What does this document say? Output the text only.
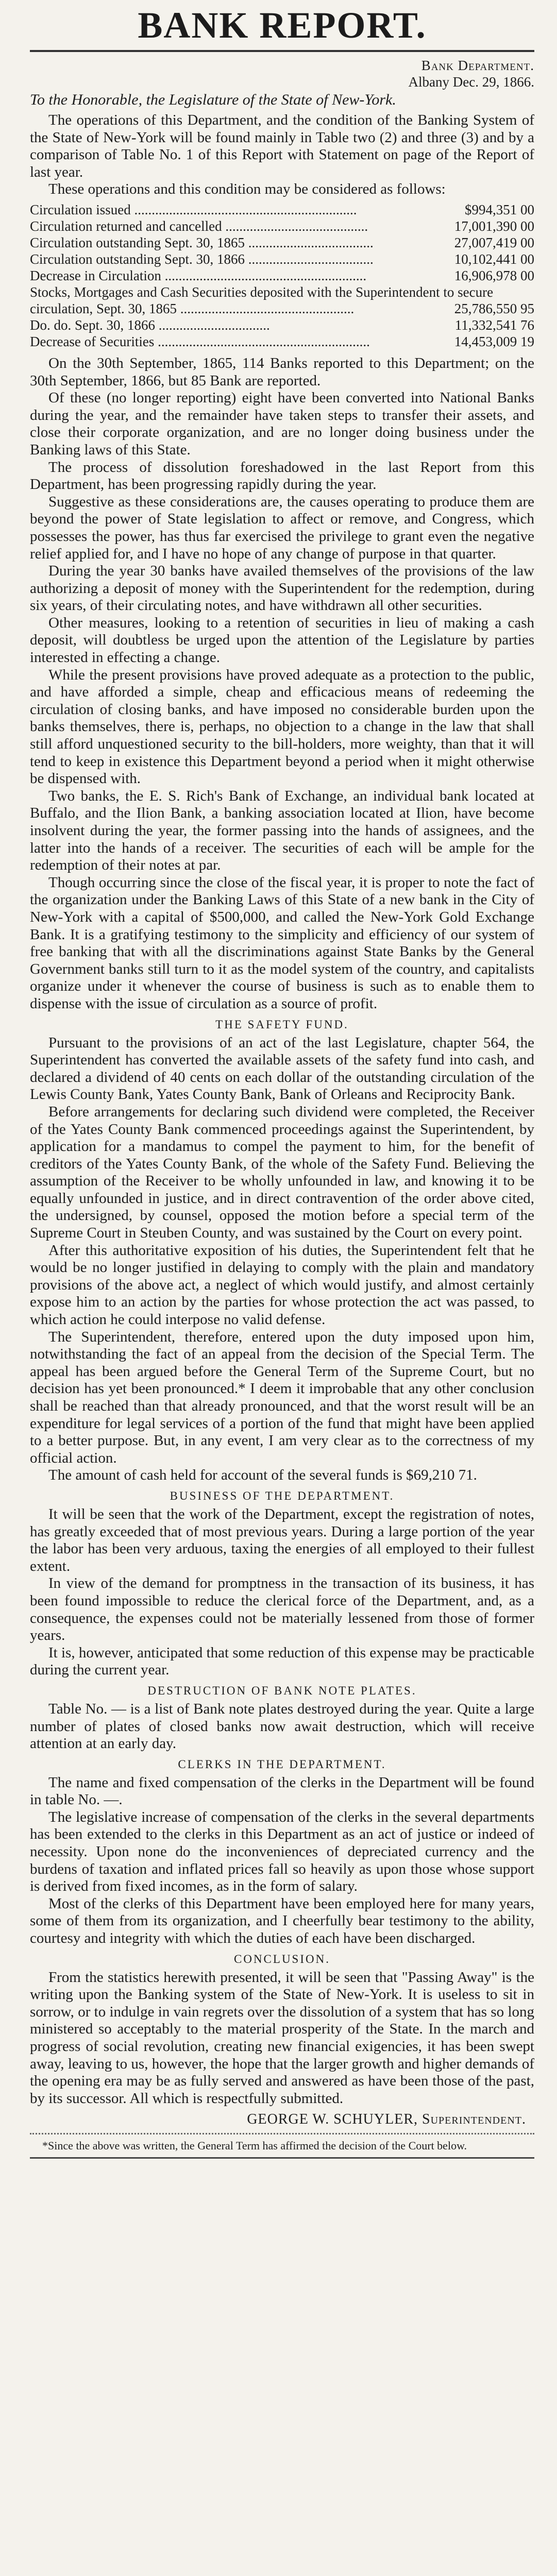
BANK REPORT.
Bank Department.
Albany Dec. 29, 1866.
To the Honorable, the Legislature of the State of New-York.

The operations of this Department, and the condition of the Banking System of the State of New-York will be found mainly in Table two (2) and three (3) and by a comparison of Table No. 1 of this Report with Statement on page of the Report of last year.

These operations and this condition may be considered as follows:

Circulation issued ................................................................	$994,351 00
Circulation returned and cancelled .........................................	17,001,390 00
Circulation outstanding Sept. 30, 1865 ....................................	27,007,419 00
Circulation outstanding Sept. 30, 1866 ....................................	10,102,441 00
Decrease in Circulation ..........................................................	16,906,978 00
Stocks, Mortgages and Cash Securities deposited with the Superintendent to secure
circulation, Sept. 30, 1865 ..................................................	25,786,550 95
Do. do. Sept. 30, 1866 ................................	11,332,541 76
Decrease of Securities .............................................................	14,453,009 19

On the 30th September, 1865, 114 Banks reported to this Department; on the 30th September, 1866, but 85 Bank are reported.

Of these (no longer reporting) eight have been converted into National Banks during the year, and the remainder have taken steps to transfer their assets, and close their corporate organization, and are no longer doing business under the Banking laws of this State.

The process of dissolution foreshadowed in the last Report from this Department, has been progressing rapidly during the year.

Suggestive as these considerations are, the causes operating to produce them are beyond the power of State legislation to affect or remove, and Congress, which possesses the power, has thus far exercised the privilege to grant even the negative relief applied for, and I have no hope of any change of purpose in that quarter.

During the year 30 banks have availed themselves of the provisions of the law authorizing a deposit of money with the Superintendent for the redemption, during six years, of their circulating notes, and have withdrawn all other securities.

Other measures, looking to a retention of securities in lieu of making a cash deposit, will doubtless be urged upon the attention of the Legislature by parties interested in effecting a change.

While the present provisions have proved adequate as a protection to the public, and have afforded a simple, cheap and efficacious means of redeeming the circulation of closing banks, and have imposed no considerable burden upon the banks themselves, there is, perhaps, no objection to a change in the law that shall still afford unquestioned security to the bill-holders, more weighty, than that it will tend to keep in existence this Department beyond a period when it might otherwise be dispensed with.

Two banks, the E. S. Rich's Bank of Exchange, an individual bank located at Buffalo, and the Ilion Bank, a banking association located at Ilion, have become insolvent during the year, the former passing into the hands of assignees, and the latter into the hands of a receiver. The securities of each will be ample for the redemption of their notes at par.

Though occurring since the close of the fiscal year, it is proper to note the fact of the organization under the Banking Laws of this State of a new bank in the City of New-York with a capital of $500,000, and called the New-York Gold Exchange Bank. It is a gratifying testimony to the simplicity and efficiency of our system of free banking that with all the discriminations against State Banks by the General Government banks still turn to it as the model system of the country, and capitalists organize under it whenever the course of business is such as to enable them to dispense with the issue of circulation as a source of profit.

THE SAFETY FUND.

Pursuant to the provisions of an act of the last Legislature, chapter 564, the Superintendent has converted the available assets of the safety fund into cash, and declared a dividend of 40 cents on each dollar of the outstanding circulation of the Lewis County Bank, Yates County Bank, Bank of Orleans and Reciprocity Bank.

Before arrangements for declaring such dividend were completed, the Receiver of the Yates County Bank commenced proceedings against the Superintendent, by application for a mandamus to compel the payment to him, for the benefit of creditors of the Yates County Bank, of the whole of the Safety Fund. Believing the assumption of the Receiver to be wholly unfounded in law, and knowing it to be equally unfounded in justice, and in direct contravention of the order above cited, the undersigned, by counsel, opposed the motion before a special term of the Supreme Court in Steuben County, and was sustained by the Court on every point.

After this authoritative exposition of his duties, the Superintendent felt that he would be no longer justified in delaying to comply with the plain and mandatory provisions of the above act, a neglect of which would justify, and almost certainly expose him to an action by the parties for whose protection the act was passed, to which action he could interpose no valid defense.

The Superintendent, therefore, entered upon the duty imposed upon him, notwithstanding the fact of an appeal from the decision of the Special Term. The appeal has been argued before the General Term of the Supreme Court, but no decision has yet been pronounced.* I deem it improbable that any other conclusion shall be reached than that already pronounced, and that the worst result will be an expenditure for legal services of a portion of the fund that might have been applied to a better purpose. But, in any event, I am very clear as to the correctness of my official action.

The amount of cash held for account of the several funds is $69,210 71.

BUSINESS OF THE DEPARTMENT.

It will be seen that the work of the Department, except the registration of notes, has greatly exceeded that of most previous years. During a large portion of the year the labor has been very arduous, taxing the energies of all employed to their fullest extent.

In view of the demand for promptness in the transaction of its business, it has been found impossible to reduce the clerical force of the Department, and, as a consequence, the expenses could not be materially lessened from those of former years.

It is, however, anticipated that some reduction of this expense may be practicable during the current year.

DESTRUCTION OF BANK NOTE PLATES.

Table No. — is a list of Bank note plates destroyed during the year. Quite a large number of plates of closed banks now await destruction, which will receive attention at an early day.

CLERKS IN THE DEPARTMENT.

The name and fixed compensation of the clerks in the Department will be found in table No. —.

The legislative increase of compensation of the clerks in the several departments has been extended to the clerks in this Department as an act of justice or indeed of necessity. Upon none do the inconveniences of depreciated currency and the burdens of taxation and inflated prices fall so heavily as upon those whose support is derived from fixed incomes, as in the form of salary.

Most of the clerks of this Department have been employed here for many years, some of them from its organization, and I cheerfully bear testimony to the ability, courtesy and integrity with which the duties of each have been discharged.

CONCLUSION.

From the statistics herewith presented, it will be seen that "Passing Away" is the writing upon the Banking system of the State of New-York. It is useless to sit in sorrow, or to indulge in vain regrets over the dissolution of a system that has so long ministered so acceptably to the material prosperity of the State. In the march and progress of social revolution, creating new financial exigencies, it has been swept away, leaving to us, however, the hope that the larger growth and higher demands of the opening era may be as fully served and answered as have been those of the past, by its successor. All which is respectfully submitted.

GEORGE W. SCHUYLER, Superintendent.
*Since the above was written, the General Term has affirmed the decision of the Court below.
